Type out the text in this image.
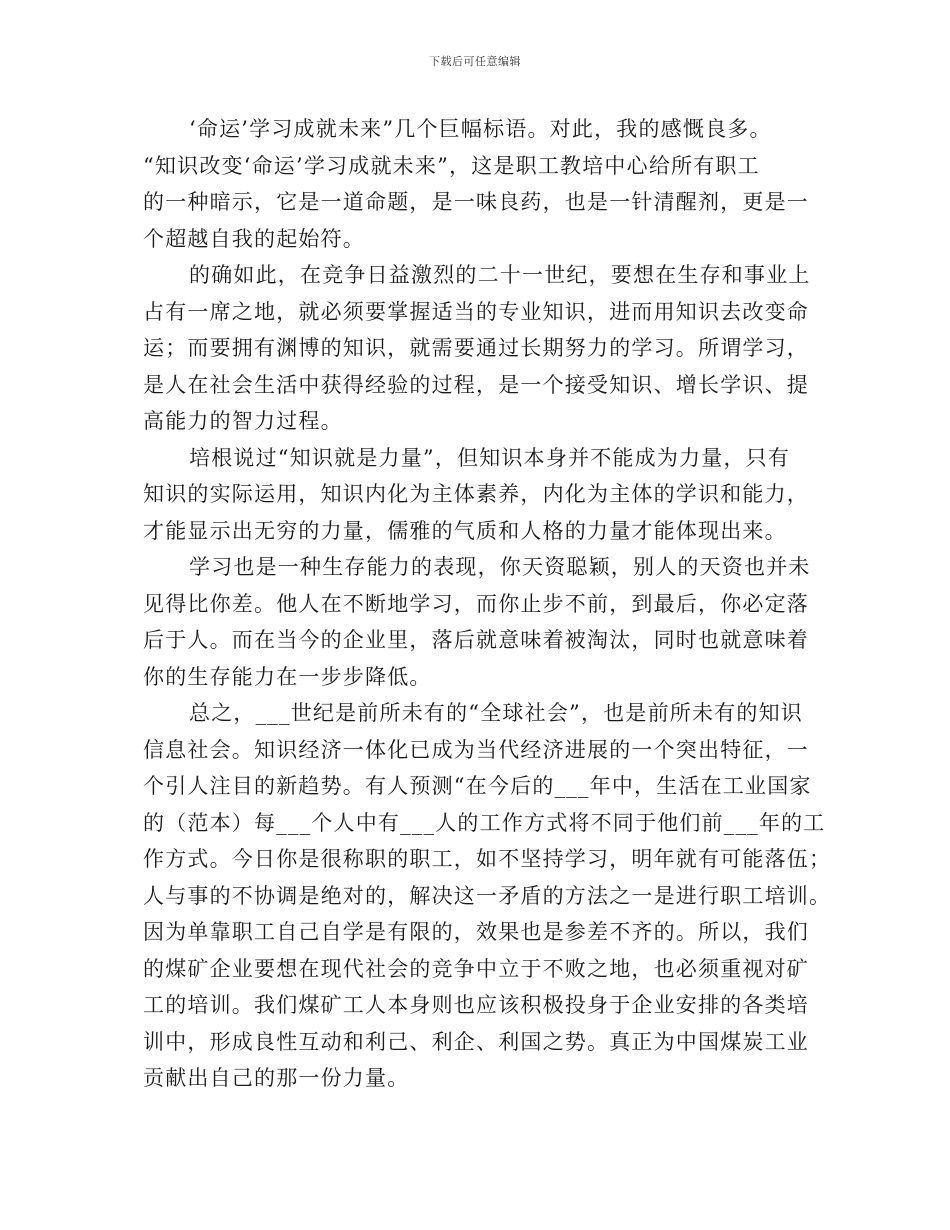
下载后可任意编辑
‘命运’学习成就未来”几个巨幅标语。对此，我的感慨良多。
“知识改变‘命运’学习成就未来”，这是职工教培中心给所有职工
的一种暗示，它是一道命题，是一味良药，也是一针清醒剂，更是一
个超越自我的起始符。
的确如此，在竞争日益激烈的二十一世纪，要想在生存和事业上
占有一席之地，就必须要掌握适当的专业知识，进而用知识去改变命
运；而要拥有渊博的知识，就需要通过长期努力的学习。所谓学习，
是人在社会生活中获得经验的过程，是一个接受知识、增长学识、提
高能力的智力过程。
培根说过“知识就是力量”，但知识本身并不能成为力量，只有
知识的实际运用，知识内化为主体素养，内化为主体的学识和能力，
才能显示出无穷的力量，儒雅的气质和人格的力量才能体现出来。
学习也是一种生存能力的表现，你天资聪颖，别人的天资也并未
见得比你差。他人在不断地学习，而你止步不前，到最后，你必定落
后于人。而在当今的企业里，落后就意味着被淘汰，同时也就意味着
你的生存能力在一步步降低。
总之，___世纪是前所未有的“全球社会”，也是前所未有的知识
信息社会。知识经济一体化已成为当代经济进展的一个突出特征，一
个引人注目的新趋势。有人预测“在今后的___年中，生活在工业国家
的（范本）每___个人中有___人的工作方式将不同于他们前___年的工
作方式。今日你是很称职的职工，如不坚持学习，明年就有可能落伍；
人与事的不协调是绝对的，解决这一矛盾的方法之一是进行职工培训。
因为单靠职工自己自学是有限的，效果也是参差不齐的。所以，我们
的煤矿企业要想在现代社会的竞争中立于不败之地，也必须重视对矿
工的培训。我们煤矿工人本身则也应该积极投身于企业安排的各类培
训中，形成良性互动和利己、利企、利国之势。真正为中国煤炭工业
贡献出自己的那一份力量。
